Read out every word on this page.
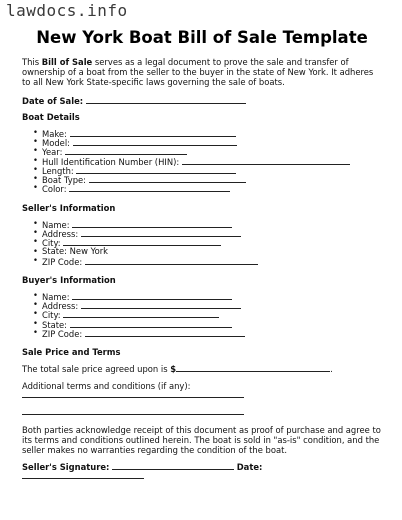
lawdocs.info
New York Boat Bill of Sale Template
This Bill of Sale serves as a legal document to prove the sale and transfer of ownership of a boat from the seller to the buyer in the state of New York. It adheres to all New York State-specific laws governing the sale of boats.
Date of Sale:
Boat Details
• Make:
• Model:
• Year:
• Hull Identification Number (HIN):
• Length:
• Boat Type:
• Color:
Seller's Information
• Name:
• Address:
• City:
• State: New York
• ZIP Code:
Buyer's Information
• Name:
• Address:
• City:
• State:
• ZIP Code:
Sale Price and Terms
The total sale price agreed upon is $	.
Additional terms and conditions (if any):
Both parties acknowledge receipt of this document as proof of purchase and agree to its terms and conditions outlined herein. The boat is sold in "as-is" condition, and the seller makes no warranties regarding the condition of the boat.
Seller's Signature:	Date:
